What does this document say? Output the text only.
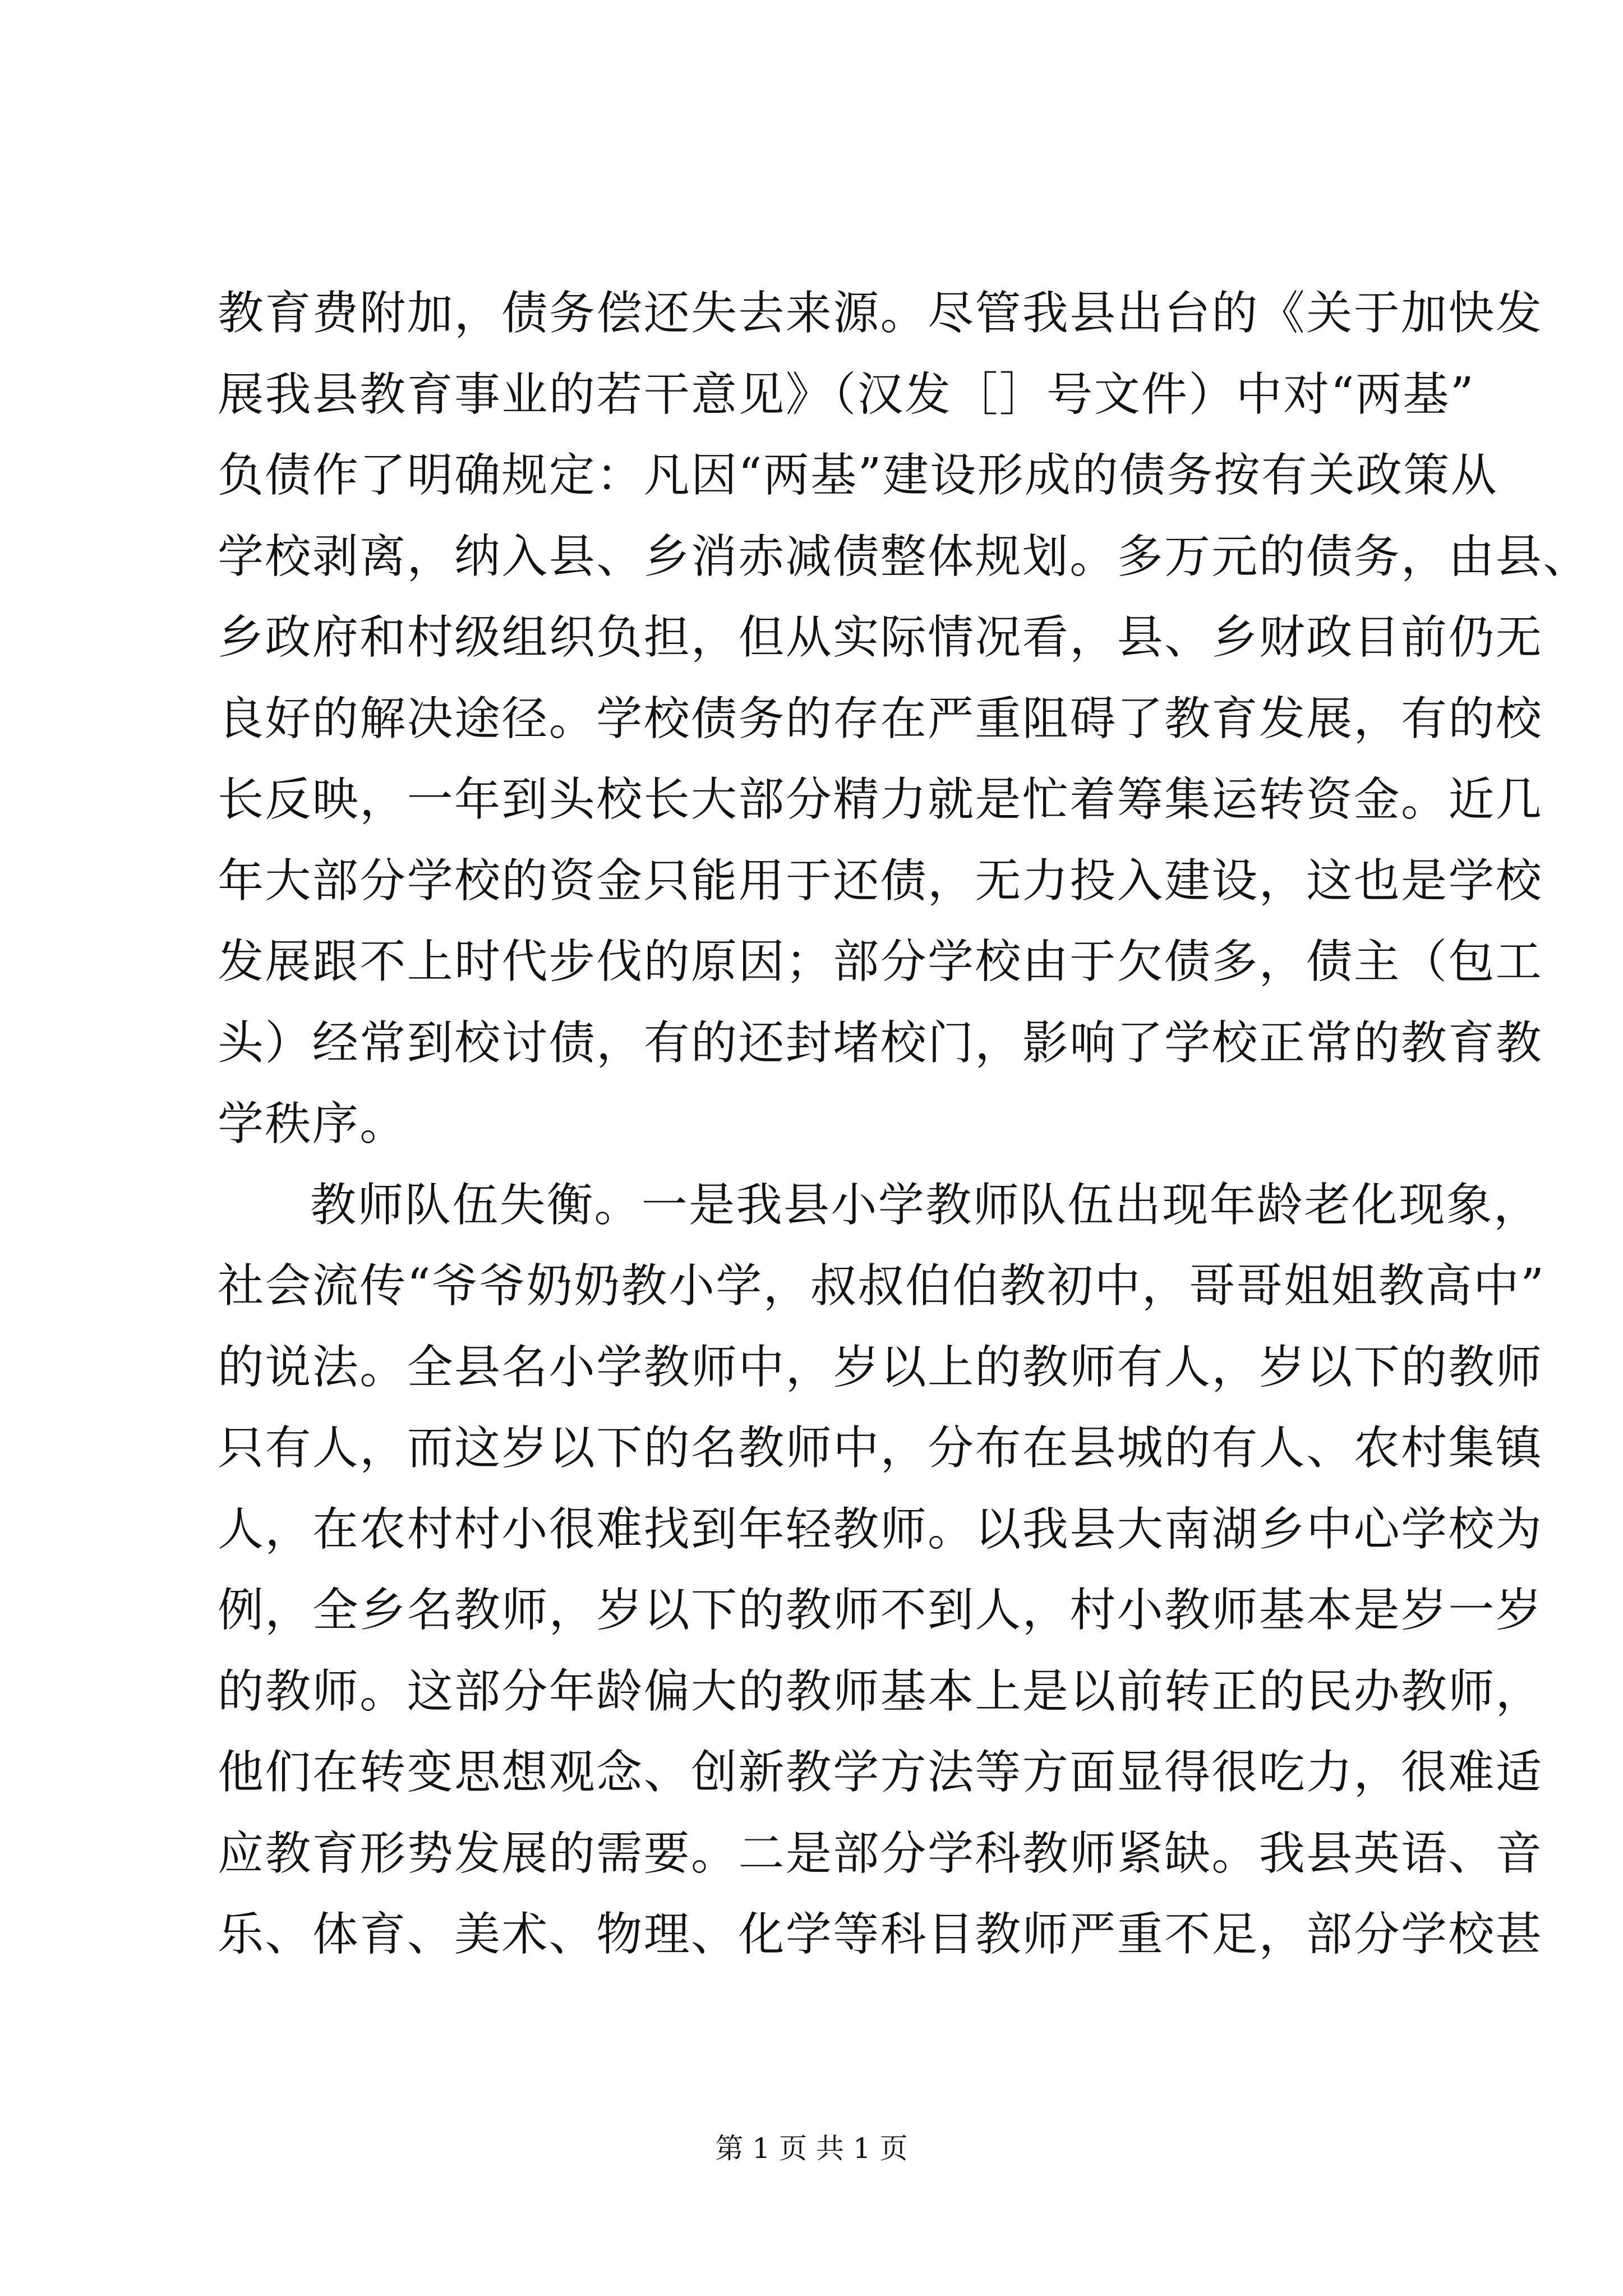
教育费附加，债务偿还失去来源。尽管我县出台的《关于加快发
展我县教育事业的若干意见》（汉发［］号文件）中对“两基”
负债作了明确规定：凡因“两基”建设形成的债务按有关政策从
学校剥离，纳入县、乡消赤减债整体规划。多万元的债务，由县、
乡政府和村级组织负担，但从实际情况看，县、乡财政目前仍无
良好的解决途径。学校债务的存在严重阻碍了教育发展，有的校
长反映，一年到头校长大部分精力就是忙着筹集运转资金。近几
年大部分学校的资金只能用于还债，无力投入建设，这也是学校
发展跟不上时代步伐的原因；部分学校由于欠债多，债主（包工
头）经常到校讨债，有的还封堵校门，影响了学校正常的教育教
学秩序。
教师队伍失衡。一是我县小学教师队伍出现年龄老化现象，
社会流传“爷爷奶奶教小学，叔叔伯伯教初中，哥哥姐姐教高中”
的说法。全县名小学教师中，岁以上的教师有人，岁以下的教师
只有人，而这岁以下的名教师中，分布在县城的有人、农村集镇
人，在农村村小很难找到年轻教师。以我县大南湖乡中心学校为
例，全乡名教师，岁以下的教师不到人，村小教师基本是岁一岁
的教师。这部分年龄偏大的教师基本上是以前转正的民办教师，
他们在转变思想观念、创新教学方法等方面显得很吃力，很难适
应教育形势发展的需要。二是部分学科教师紧缺。我县英语、音
乐、体育、美术、物理、化学等科目教师严重不足，部分学校甚
第 1 页 共 1 页
